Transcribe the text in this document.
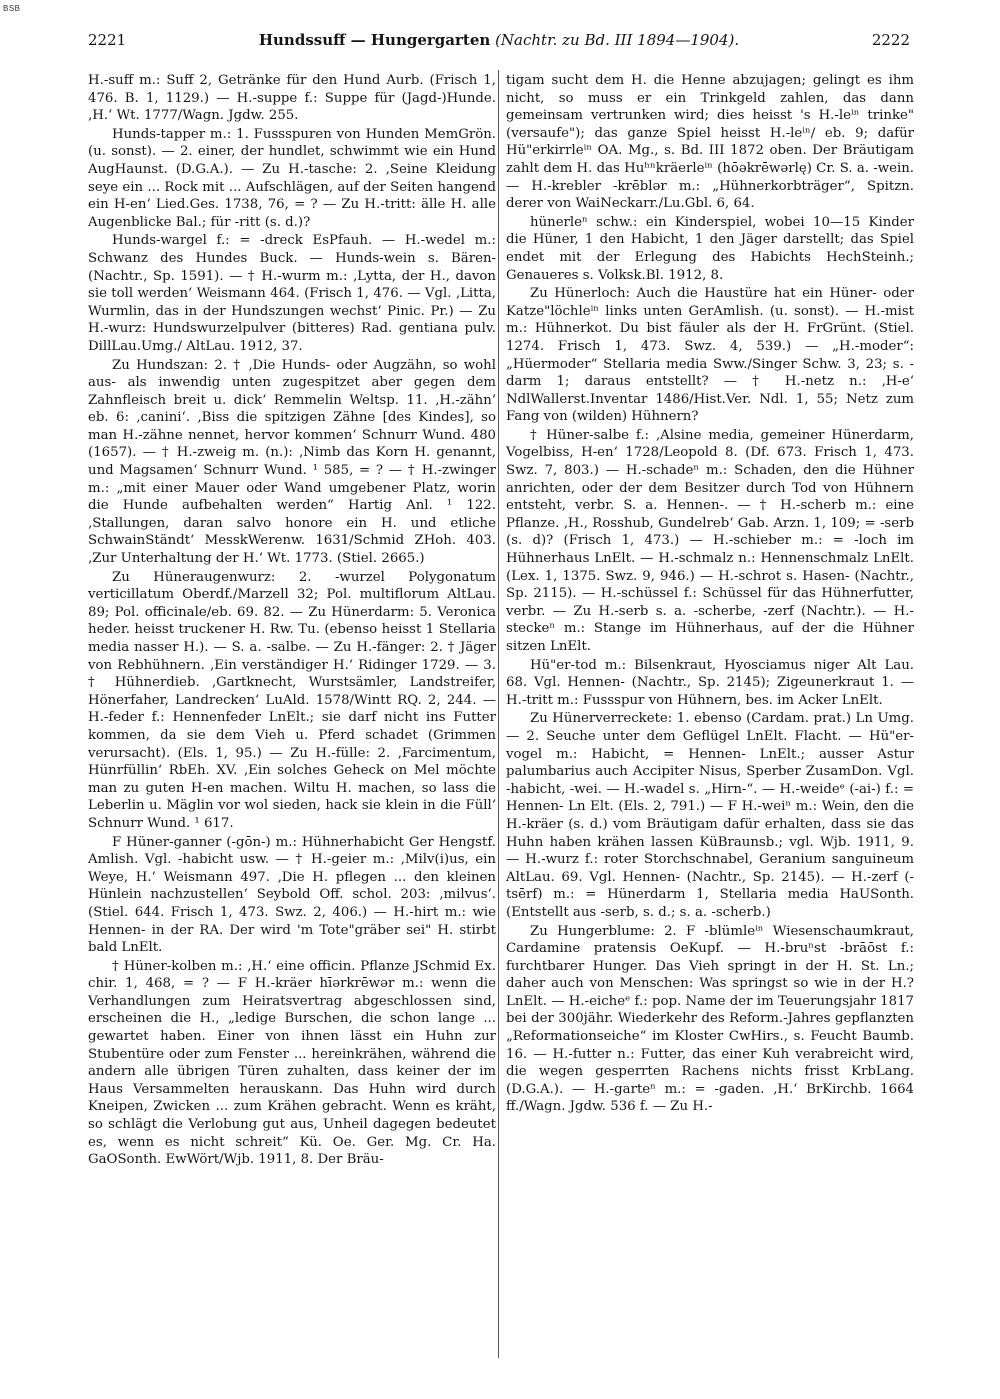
BSB
2221	Hundssuff — Hungergarten (Nachtr. zu Bd. III 1894—1904).	2222

H.-suff m.: Suff 2, Getränke für den Hund Aurb. (Frisch 1, 476. B. 1, 1129.) — H.-suppe f.: Suppe für (Jagd-)Hunde. ‚H.‘ Wt. 1777/Wagn. Jgdw. 255.

Hunds-tapper m.: 1. Fussspuren von Hunden MemGrön. (u. sonst). — 2. einer, der hundlet, schwimmt wie ein Hund AugHaunst. (D.G.A.). — Zu H.-tasche: 2. ‚Seine Kleidung seye ein ... Rock mit ... Aufschlägen, auf der Seiten hangend ein H-en‘ Lied.Ges. 1738, 76, = ? — Zu H.-tritt: älle H. alle Augenblicke Bal.; für -ritt (s. d.)?

Hunds-wargel f.: = -dreck EsPfauh. — H.-wedel m.: Schwanz des Hundes Buck. — Hunds-wein s. Bären- (Nachtr., Sp. 1591). — † H.-wurm m.: ‚Lytta, der H., davon sie toll werden‘ Weismann 464. (Frisch 1, 476. — Vgl. ‚Litta, Wurmlin, das in der Hundszungen wechst‘ Pinic. Pr.) — Zu H.-wurz: Hundswurzelpulver (bitteres) Rad. gentiana pulv. DillLau.Umg./ AltLau. 1912, 37.

Zu Hundszan: 2. † ‚Die Hunds- oder Augzähn, so wohl aus- als inwendig unten zugespitzet aber gegen dem Zahnfleisch breit u. dick‘ Remmelin Weltsp. 11. ‚H.-zähn‘ eb. 6: ‚canini‘. ‚Biss die spitzigen Zähne [des Kindes], so man H.-zähne nennet, hervor kommen‘ Schnurr Wund. 480 (1657). — † H.-zweig m. (n.): ‚Nimb das Korn H. genannt, und Magsamen‘ Schnurr Wund. ¹ 585, = ? — † H.-zwinger m.: „mit einer Mauer oder Wand umgebener Platz, worin die Hunde aufbehalten werden“ Hartig Anl. ¹ 122. ‚Stallungen, daran salvo honore ein H. und etliche SchwainStändt‘ MesskWerenw. 1631/Schmid ZHoh. 403. ‚Zur Unterhaltung der H.‘ Wt. 1773. (Stiel. 2665.)

Zu Hüneraugenwurz: 2. -wurzel Polygonatum verticillatum Oberdf./Marzell 32; Pol. multiflorum AltLau. 89; Pol. officinale/eb. 69. 82. — Zu Hünerdarm: 5. Veronica heder. heisst truckener H. Rw. Tu. (ebenso heisst 1 Stellaria media nasser H.). — S. a. -salbe. — Zu H.-fänger: 2. † Jäger von Rebhühnern. ‚Ein verständiger H.‘ Ridinger 1729. — 3. † Hühnerdieb. ‚Gartknecht, Wurstsämler, Landstreifer, Hönerfaher, Landrecken‘ LuAld. 1578/Wintt RQ. 2, 244. — H.-feder f.: Hennenfeder LnElt.; sie darf nicht ins Futter kommen, da sie dem Vieh u. Pferd schadet (Grimmen verursacht). (Els. 1, 95.) — Zu H.-fülle: 2. ‚Farcimentum, Hünrfüllin‘ RbEh. XV. ‚Ein solches Geheck on Mel möchte man zu guten H-en machen. Wiltu H. machen, so lass die Leberlin u. Mäglin vor wol sieden, hack sie klein in die Füll‘ Schnurr Wund. ¹ 617.

F Hüner-ganner (-gōn-) m.: Hühnerhabicht Ger Hengstf. Amlish. Vgl. -habicht usw. — † H.-geier m.: ‚Milv(i)us, ein Weye, H.‘ Weismann 497. ‚Die H. pflegen ... den kleinen Hünlein nachzustellen‘ Seybold Off. schol. 203: ‚milvus‘. (Stiel. 644. Frisch 1, 473. Swz. 2, 406.) — H.-hirt m.: wie Hennen- in der RA. Der wird 'm Tote"gräber sei" H. stirbt bald LnElt.

† Hüner-kolben m.: ‚H.‘ eine officin. Pflanze JSchmid Ex. chir. 1, 468, = ? — F H.-kräer hīərkrēwər m.: wenn die Verhandlungen zum Heiratsvertrag abgeschlossen sind, erscheinen die H., „ledige Burschen, die schon lange ... gewartet haben. Einer von ihnen lässt ein Huhn zur Stubentüre oder zum Fenster ... hereinkrähen, während die andern alle übrigen Türen zuhalten, dass keiner der im Haus Versammelten herauskann. Das Huhn wird durch Kneipen, Zwicken ... zum Krähen gebracht. Wenn es kräht, so schlägt die Verlobung gut aus, Unheil dagegen bedeutet es, wenn es nicht schreit“ Kü. Oe. Ger. Mg. Cr. Ha. GaOSonth. EwWört/Wjb. 1911, 8. Der Bräu-

tigam sucht dem H. die Henne abzujagen; gelingt es ihm nicht, so muss er ein Trinkgeld zahlen, das dann gemeinsam vertrunken wird; dies heisst 's H.-leⁱⁿ trinke" (versaufe"); das ganze Spiel heisst H.-leⁱⁿ/ eb. 9; dafür Hü"erkirrleⁱⁿ OA. Mg., s. Bd. III 1872 oben. Der Bräutigam zahlt dem H. das Huʰⁿkräerleⁱⁿ (hōəkrēwərlę) Cr. S. a. -wein. — H.-krebler -krēblər m.: „Hühnerkorbträger“, Spitzn. derer von WaiNeckarr./Lu.Gbl. 6, 64.

hünerleⁿ schw.: ein Kinderspiel, wobei 10—15 Kinder die Hüner, 1 den Habicht, 1 den Jäger darstellt; das Spiel endet mit der Erlegung des Habichts HechSteinh.; Genaueres s. Volksk.Bl. 1912, 8.

Zu Hünerloch: Auch die Haustüre hat ein Hüner- oder Katze"löchleⁱⁿ links unten GerAmlish. (u. sonst). — H.-mist m.: Hühnerkot. Du bist fäuler als der H. FrGrünt. (Stiel. 1274. Frisch 1, 473. Swz. 4, 539.) — „H.-moder“: „Hüermoder“ Stellaria media Sww./Singer Schw. 3, 23; s. -darm 1; daraus entstellt? — † H.-netz n.: ‚H-e‘ NdlWallerst.Inventar 1486/Hist.Ver. Ndl. 1, 55; Netz zum Fang von (wilden) Hühnern?

† Hüner-salbe f.: ‚Alsine media, gemeiner Hünerdarm, Vogelbiss, H-en‘ 1728/Leopold 8. (Df. 673. Frisch 1, 473. Swz. 7, 803.) — H.-schadeⁿ m.: Schaden, den die Hühner anrichten, oder der dem Besitzer durch Tod von Hühnern entsteht, verbr. S. a. Hennen-. — † H.-scherb m.: eine Pflanze. ‚H., Rosshub, Gundelreb‘ Gab. Arzn. 1, 109; = -serb (s. d)? (Frisch 1, 473.) — H.-schieber m.: = -loch im Hühnerhaus LnElt. — H.-schmalz n.: Hennenschmalz LnElt. (Lex. 1, 1375. Swz. 9, 946.) — H.-schrot s. Hasen- (Nachtr., Sp. 2115). — H.-schüssel f.: Schüssel für das Hühnerfutter, verbr. — Zu H.-serb s. a. -scherbe, -zerf (Nachtr.). — H.-steckeⁿ m.: Stange im Hühnerhaus, auf der die Hühner sitzen LnElt.

Hü"er-tod m.: Bilsenkraut, Hyosciamus niger Alt Lau. 68. Vgl. Hennen- (Nachtr., Sp. 2145); Zigeunerkraut 1. — H.-tritt m.: Fussspur von Hühnern, bes. im Acker LnElt.

Zu Hünerverreckete: 1. ebenso (Cardam. prat.) Ln Umg. — 2. Seuche unter dem Geflügel LnElt. Flacht. — Hü"er-vogel m.: Habicht, = Hennen- LnElt.; ausser Astur palumbarius auch Accipiter Nisus, Sperber ZusamDon. Vgl. -habicht, -wei. — H.-wadel s. „Hirn-“. — H.-weideᵉ (-ai-) f.: = Hennen- Ln Elt. (Els. 2, 791.) — F H.-weiⁿ m.: Wein, den die H.-kräer (s. d.) vom Bräutigam dafür erhalten, dass sie das Huhn haben krähen lassen KüBraunsb.; vgl. Wjb. 1911, 9. — H.-wurz f.: roter Storchschnabel, Geranium sanguineum AltLau. 69. Vgl. Hennen- (Nachtr., Sp. 2145). — H.-zerf (-tsērf) m.: = Hünerdarm 1, Stellaria media HaUSonth. (Entstellt aus -serb, s. d.; s. a. -scherb.)

Zu Hungerblume: 2. F -blümleⁱⁿ Wiesenschaumkraut, Cardamine pratensis OeKupf. — H.-bruⁿst -brāōst f.: furchtbarer Hunger. Das Vieh springt in der H. St. Ln.; daher auch von Menschen: Was springst so wie in der H.? LnElt. — H.-eicheᵉ f.: pop. Name der im Teuerungsjahr 1817 bei der 300jähr. Wiederkehr des Reform.-Jahres gepflanzten „Reformationseiche“ im Kloster CwHirs., s. Feucht Baumb. 16. — H.-futter n.: Futter, das einer Kuh verabreicht wird, die wegen gesperrten Rachens nichts frisst KrbLang. (D.G.A.). — H.-garteⁿ m.: = -gaden. ‚H.‘ BrKirchb. 1664 ff./Wagn. Jgdw. 536 f. — Zu H.-
